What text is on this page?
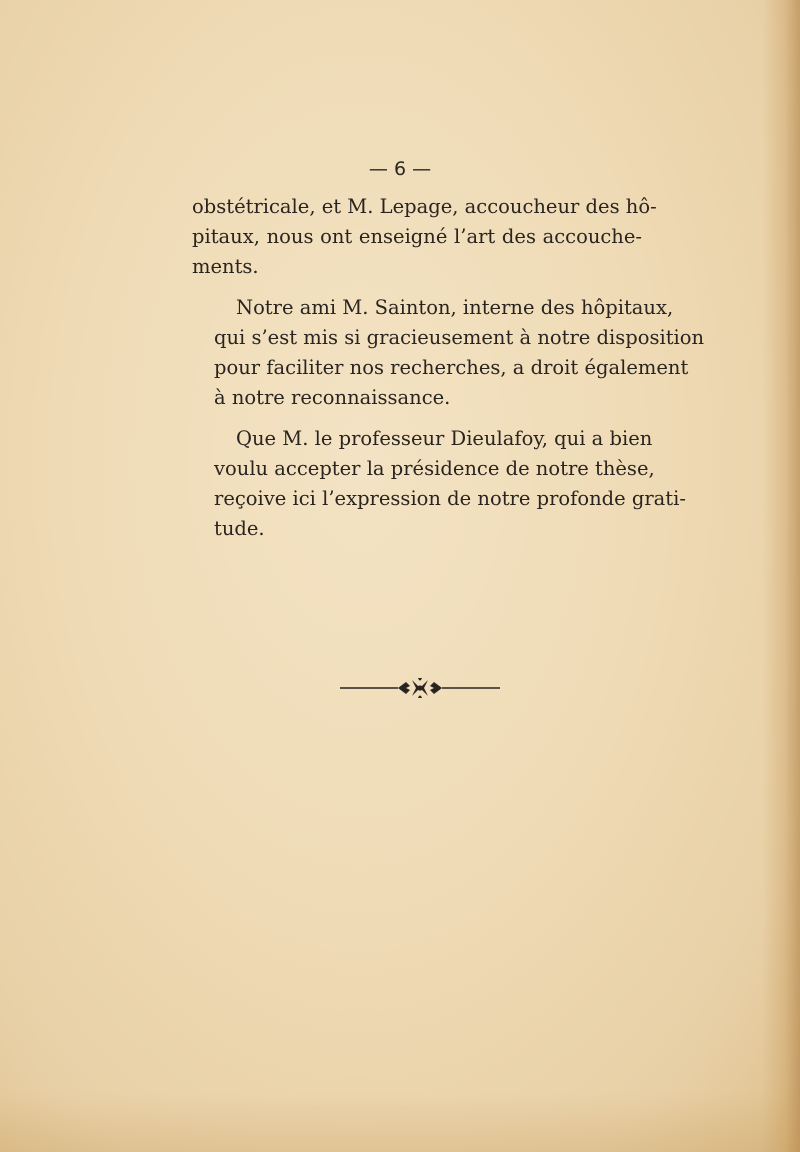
— 6 —

obstétricale, et M. Lepage, accoucheur des hô-
pitaux, nous ont enseigné l’art des accouche-
ments.

Notre ami M. Sainton, interne des hôpitaux,
qui s’est mis si gracieusement à notre disposition
pour faciliter nos recherches, a droit également
à notre reconnaissance.

Que M. le professeur Dieulafoy, qui a bien
voulu accepter la présidence de notre thèse,
reçoive ici l’expression de notre profonde grati-
tude.
